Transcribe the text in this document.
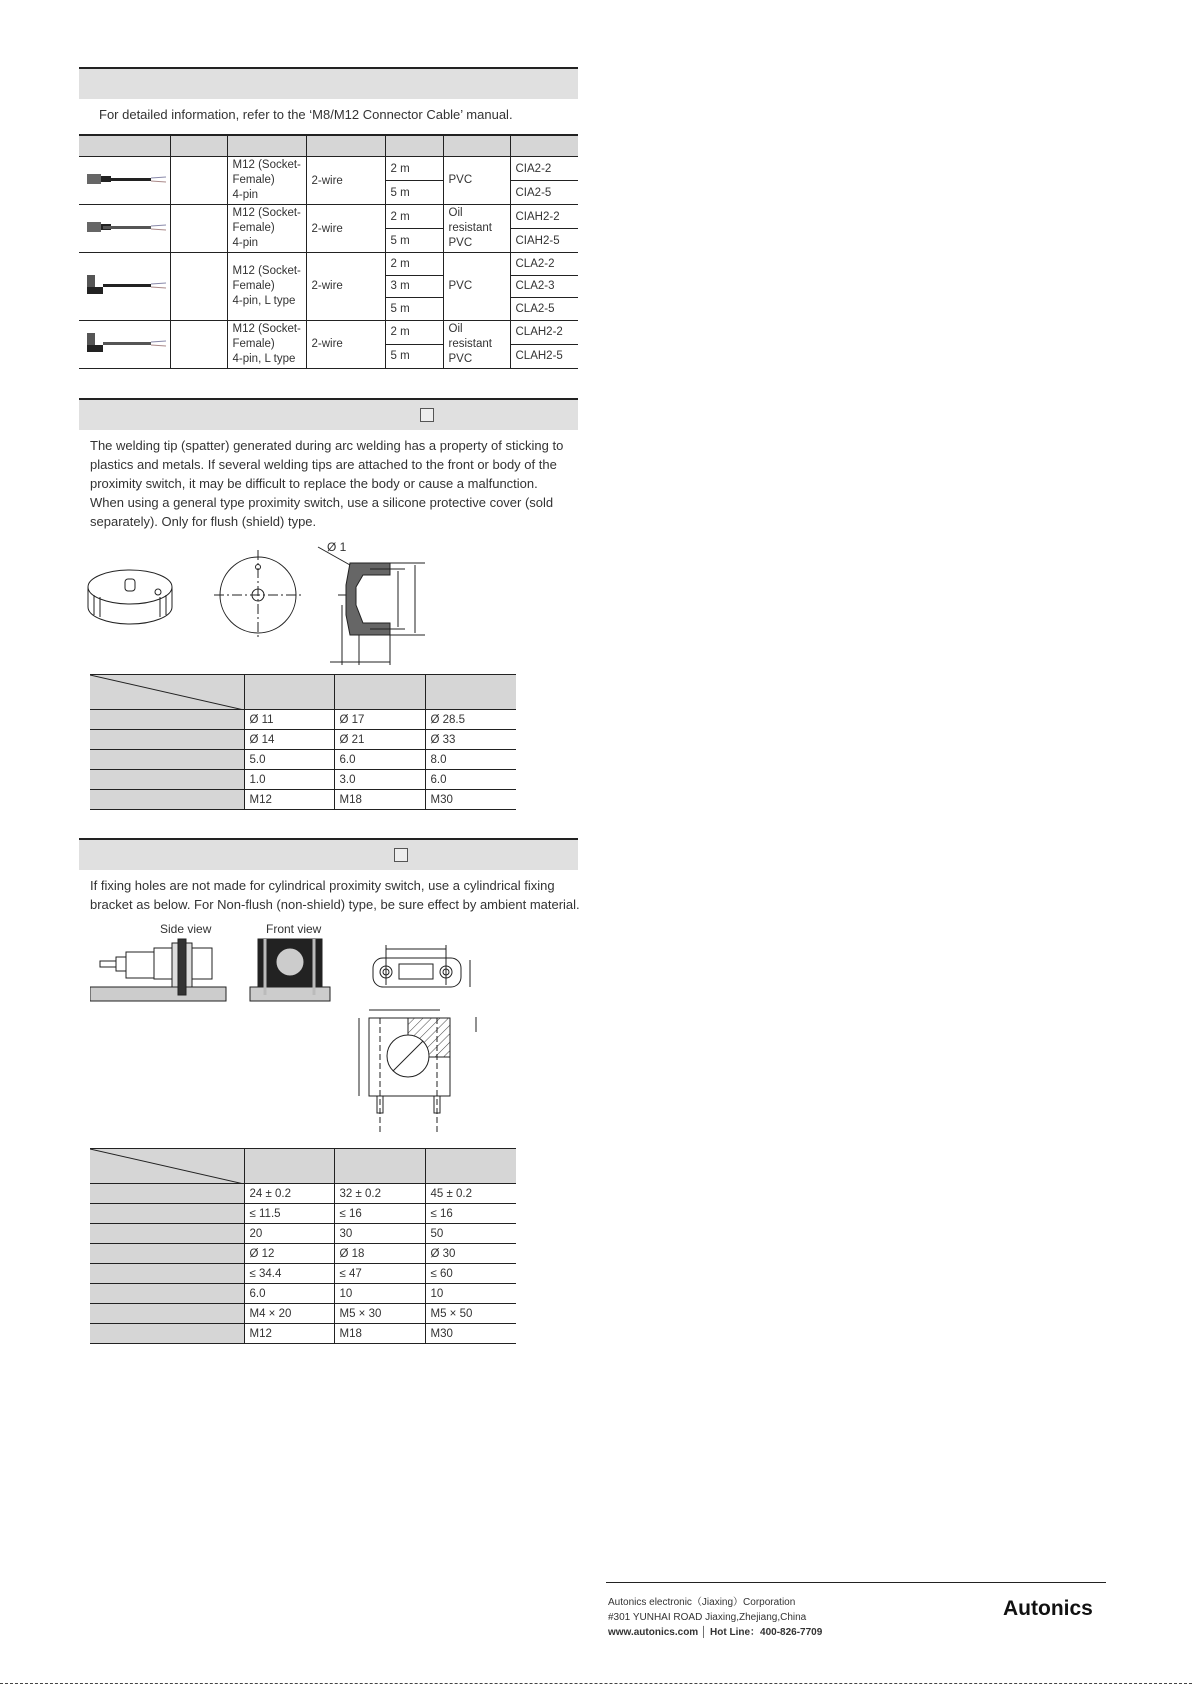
For detailed information, refer to the ‘M8/M12 Connector Cable’ manual.

M12 (Socket-
Female)
4-pin	2-wire	2 m	PVC	CIA2-2
				5 m		CIA2-5

M12 (Socket-
Female)
4-pin	2-wire	2 m	Oil resistant PVC	CIAH2-2
				5 m		CIAH2-5

M12 (Socket-
Female)
4-pin, L type	2-wire	2 m	PVC	CLA2-2
				3 m		CLA2-3
				5 m		CLA2-5

M12 (Socket-
Female)
4-pin, L type	2-wire	2 m	Oil resistant PVC	CLAH2-2
				5 m		CLAH2-5
The welding tip (spatter) generated during arc welding has a property of sticking to
plastics and metals. If several welding tips are attached to the front or body of the
proximity switch, it may be difficult to replace the body or cause a malfunction.
When using a general type proximity switch, use a silicone protective cover (sold
separately). Only for flush (shield) type.
Ø 1

	Ø 11	Ø 17	Ø 28.5
	Ø 14	Ø 21	Ø 33
	5.0	6.0	8.0
	1.0	3.0	6.0
	M12	M18	M30
If fixing holes are not made for cylindrical proximity switch, use a cylindrical fixing
bracket as below. For Non-flush (non-shield) type, be sure effect by ambient material.
Side view	Front view

	24 ± 0.2	32 ± 0.2	45 ± 0.2
	≤ 11.5	≤ 16	≤ 16
	20	30	50
	Ø 12	Ø 18	Ø 30
	≤ 34.4	≤ 47	≤ 60
	6.0	10	10
	M4 × 20	M5 × 30	M5 × 50
	M12	M18	M30
Autonics electronic（Jiaxing）Corporation
#301 YUNHAI ROAD Jiaxing,Zhejiang,China
www.autonics.com │ Hot Line：400-826-7709
Autonics
